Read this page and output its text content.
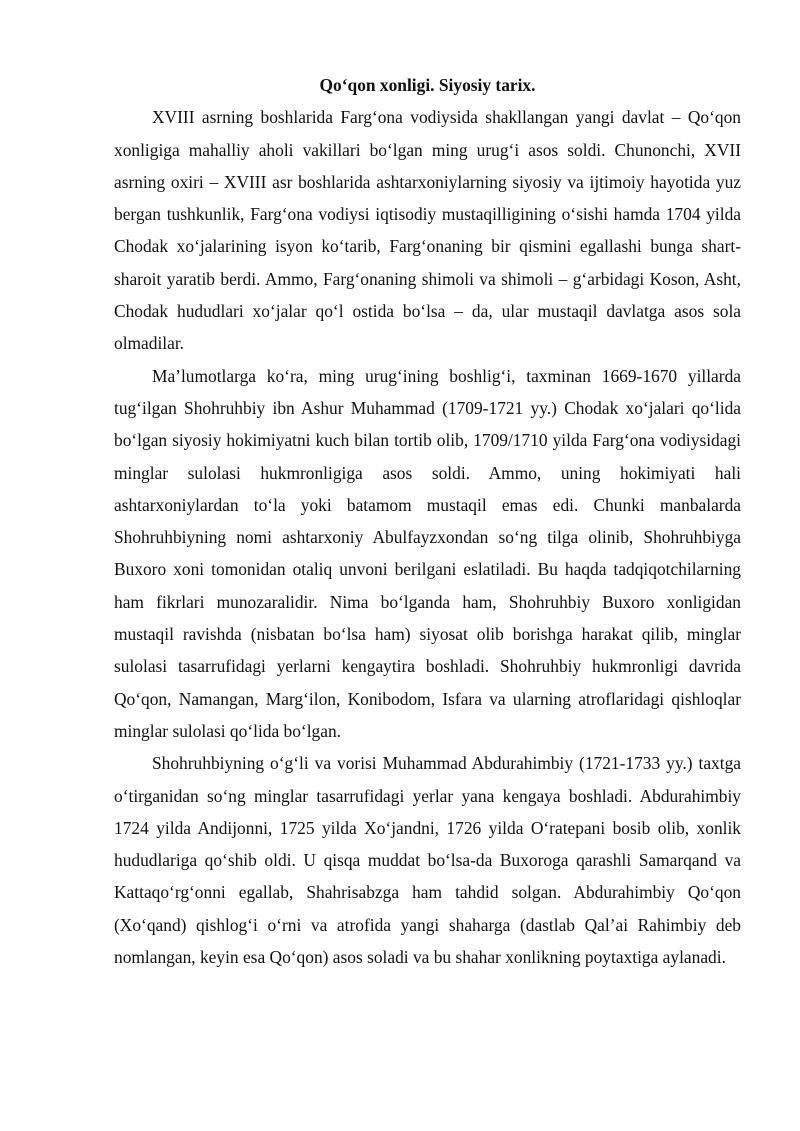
Qo‘qon xonligi. Siyosiy tarix.

XVIII asrning boshlarida Farg‘ona vodiysida shakllangan yangi davlat – Qo‘qon xonligiga mahalliy aholi vakillari bo‘lgan ming urug‘i asos soldi. Chunonchi, XVII asrning oxiri – XVIII asr boshlarida ashtarxoniylarning siyosiy va ijtimoiy hayotida yuz bergan tushkunlik, Farg‘ona vodiysi iqtisodiy mustaqilligining o‘sishi hamda 1704 yilda Chodak xo‘jalarining isyon ko‘tarib, Farg‘onaning bir qismini egallashi bunga shart-sharoit yaratib berdi. Ammo, Farg‘onaning shimoli va shimoli – g‘arbidagi Koson, Asht, Chodak hududlari xo‘jalar qo‘l ostida bo‘lsa – da, ular mustaqil davlatga asos sola olmadilar.

Ma’lumotlarga ko‘ra, ming urug‘ining boshlig‘i, taxminan 1669-1670 yillarda tug‘ilgan Shohruhbiy ibn Ashur Muhammad (1709-1721 yy.) Chodak xo‘jalari qo‘lida bo‘lgan siyosiy hokimiyatni kuch bilan tortib olib, 1709/1710 yilda Farg‘ona vodiysidagi minglar sulolasi hukmronligiga asos soldi. Ammo, uning hokimiyati hali ashtarxoniylardan to‘la yoki batamom mustaqil emas edi. Chunki manbalarda Shohruhbiyning nomi ashtarxoniy Abulfayzxondan so‘ng tilga olinib, Shohruhbiyga Buxoro xoni tomonidan otaliq unvoni berilgani eslatiladi. Bu haqda tadqiqotchilarning ham fikrlari munozaralidir. Nima bo‘lganda ham, Shohruhbiy Buxoro xonligidan mustaqil ravishda (nisbatan bo‘lsa ham) siyosat olib borishga harakat qilib, minglar sulolasi tasarrufidagi yerlarni kengaytira boshladi. Shohruhbiy hukmronligi davrida Qo‘qon, Namangan, Marg‘ilon, Konibodom, Isfara va ularning atroflaridagi qishloqlar minglar sulolasi qo‘lida bo‘lgan.

Shohruhbiyning o‘g‘li va vorisi Muhammad Abdurahimbiy (1721-1733 yy.) taxtga o‘tirganidan so‘ng minglar tasarrufidagi yerlar yana kengaya boshladi. Abdurahimbiy 1724 yilda Andijonni, 1725 yilda Xo‘jandni, 1726 yilda O‘ratepani bosib olib, xonlik hududlariga qo‘shib oldi. U qisqa muddat bo‘lsa-da Buxoroga qarashli Samarqand va Kattaqo‘rg‘onni egallab, Shahrisabzga ham tahdid solgan. Abdurahimbiy Qo‘qon (Xo‘qand) qishlog‘i o‘rni va atrofida yangi shaharga (dastlab Qal’ai Rahimbiy deb nomlangan, keyin esa Qo‘qon) asos soladi va bu shahar xonlikning poytaxtiga aylanadi.
